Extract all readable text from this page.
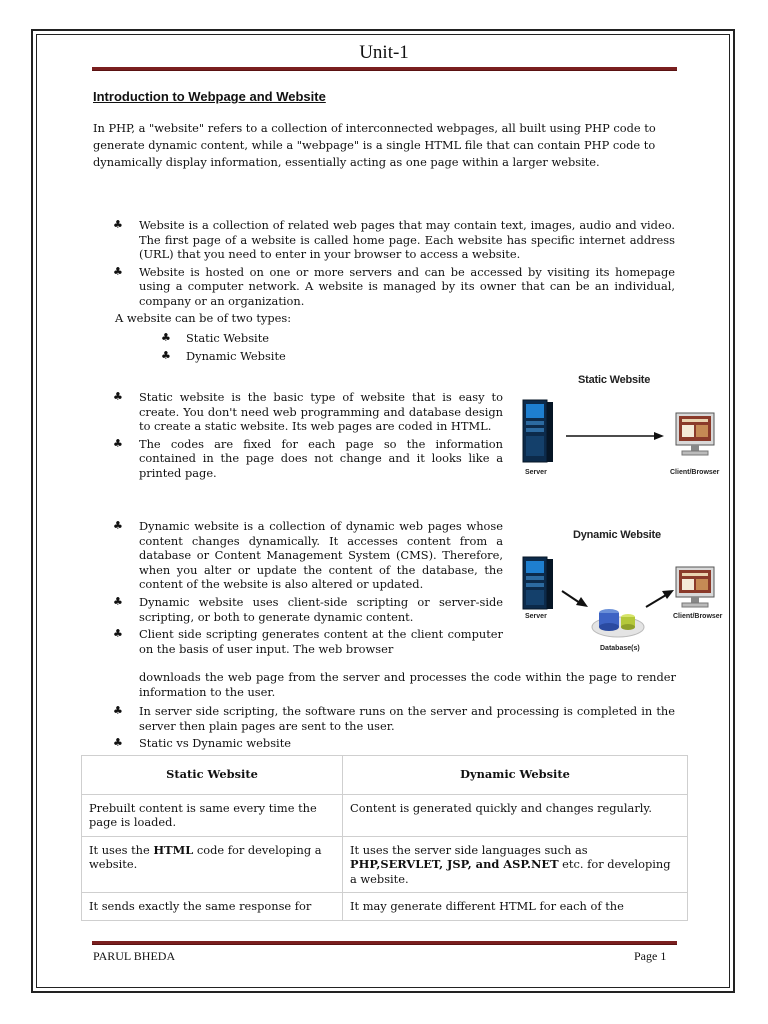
Unit-1
Introduction to Webpage and Website
In PHP, a "website" refers to a collection of interconnected webpages, all built using PHP code to generate dynamic content, while a "webpage" is a single HTML file that can contain PHP code to dynamically display information, essentially acting as one page within a larger website.
♣ Website is a collection of related web pages that may contain text, images, audio and video. The first page of a website is called home page. Each website has specific internet address (URL) that you need to enter in your browser to access a website.
♣ Website is hosted on one or more servers and can be accessed by visiting its homepage using a computer network. A website is managed by its owner that can be an individual, company or an organization.
A website can be of two types:
♣ Static Website
♣ Dynamic Website
♣ Static website is the basic type of website that is easy to create. You don't need web programming and database design to create a static website. Its web pages are coded in HTML.
♣ The codes are fixed for each page so the information contained in the page does not change and it looks like a printed page.
Static Website
Server	Client/Browser
♣ Dynamic website is a collection of dynamic web pages whose content changes dynamically. It accesses content from a database or Content Management System (CMS). Therefore, when you alter or update the content of the database, the content of the website is also altered or updated.
♣ Dynamic website uses client-side scripting or server-side scripting, or both to generate dynamic content.
♣ Client side scripting generates content at the client computer on the basis of user input. The web browser
downloads the web page from the server and processes the code within the page to render information to the user.
Dynamic Website
Server
Database(s)
Client/Browser
♣ In server side scripting, the software runs on the server and processing is completed in the server then plain pages are sent to the user.
♣ Static vs Dynamic website
Static Website	Dynamic Website
Prebuilt content is same every time the page is loaded.	Content is generated quickly and changes regularly.
It uses the HTML code for developing a website.	It uses the server side languages such as PHP,SERVLET, JSP, and ASP.NET etc. for developing a website.
It sends exactly the same response for	It may generate different HTML for each of the
PARUL BHEDA	Page 1
